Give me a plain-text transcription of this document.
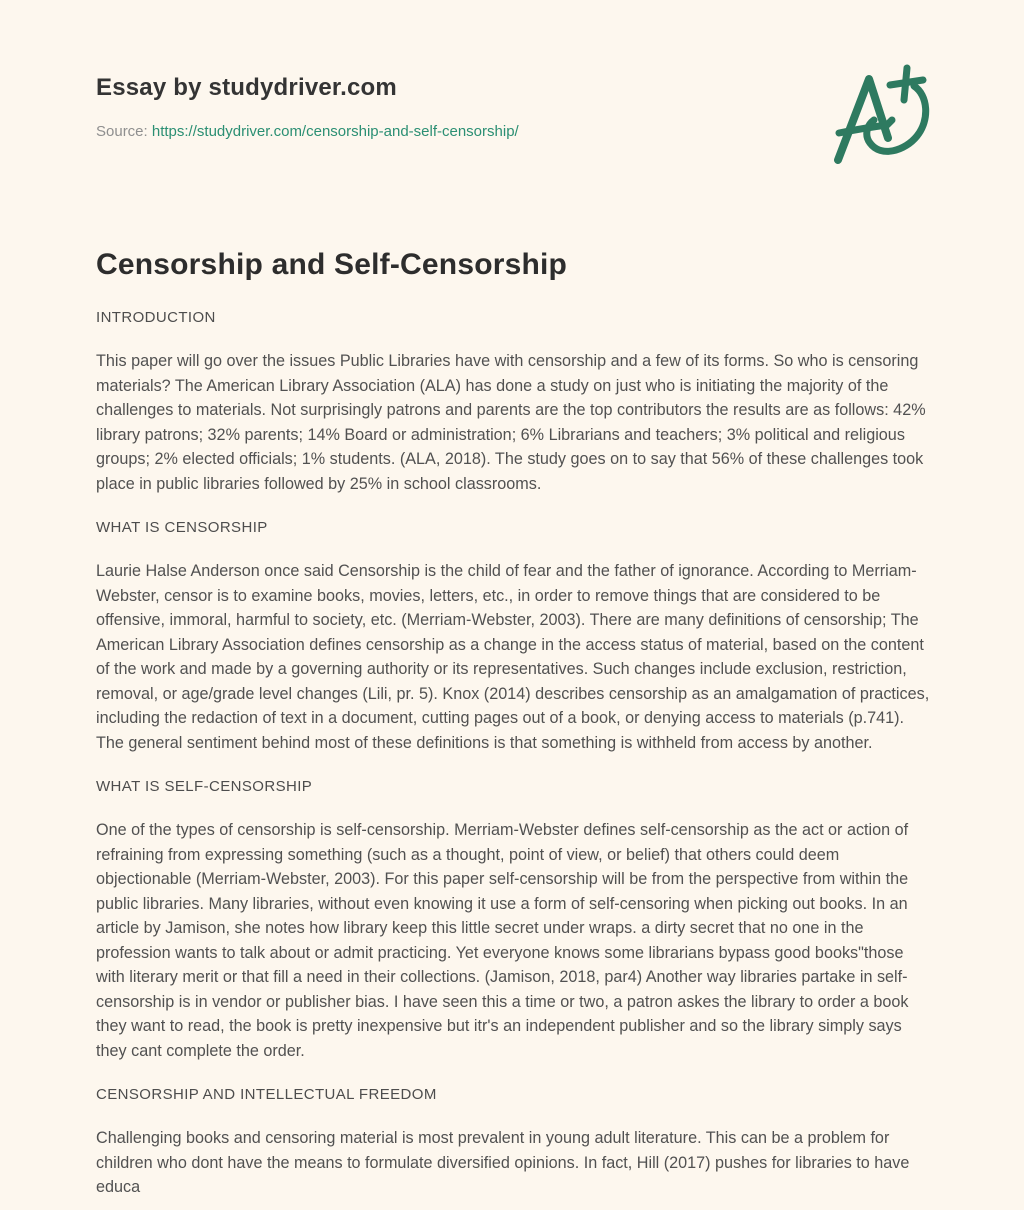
Essay by studydriver.com
Source: https://studydriver.com/censorship-and-self-censorship/
Censorship and Self-Censorship
INTRODUCTION

This paper will go over the issues Public Libraries have with censorship and a few of its forms. So who is censoring materials? The American Library Association (ALA) has done a study on just who is initiating the majority of the challenges to materials. Not surprisingly patrons and parents are the top contributors the results are as follows: 42% library patrons; 32% parents; 14% Board or administration; 6% Librarians and teachers; 3% political and religious groups; 2% elected officials; 1% students. (ALA, 2018). The study goes on to say that 56% of these challenges took place in public libraries followed by 25% in school classrooms.

WHAT IS CENSORSHIP

Laurie Halse Anderson once said Censorship is the child of fear and the father of ignorance. According to Merriam-Webster, censor is to examine books, movies, letters, etc., in order to remove things that are considered to be offensive, immoral, harmful to society, etc. (Merriam-Webster, 2003). There are many definitions of censorship; The American Library Association defines censorship as a change in the access status of material, based on the content of the work and made by a governing authority or its representatives. Such changes include exclusion, restriction, removal, or age/grade level changes (Lili, pr. 5). Knox (2014) describes censorship as an amalgamation of practices, including the redaction of text in a document, cutting pages out of a book, or denying access to materials (p.741). The general sentiment behind most of these definitions is that something is withheld from access by another.

WHAT IS SELF-CENSORSHIP

One of the types of censorship is self-censorship. Merriam-Webster defines self-censorship as the act or action of refraining from expressing something (such as a thought, point of view, or belief) that others could deem objectionable (Merriam-Webster, 2003). For this paper self-censorship will be from the perspective from within the public libraries. Many libraries, without even knowing it use a form of self-censoring when picking out books. In an article by Jamison, she notes how library keep this little secret under wraps. a dirty secret that no one in the profession wants to talk about or admit practicing. Yet everyone knows some librarians bypass good books"those with literary merit or that fill a need in their collections. (Jamison, 2018, par4) Another way libraries partake in self-censorship is in vendor or publisher bias. I have seen this a time or two, a patron askes the library to order a book they want to read, the book is pretty inexpensive but itr's an independent publisher and so the library simply says they cant complete the order.

CENSORSHIP AND INTELLECTUAL FREEDOM

Challenging books and censoring material is most prevalent in young adult literature. This can be a problem for children who dont have the means to formulate diversified opinions. In fact, Hill (2017) pushes for libraries to have educa
